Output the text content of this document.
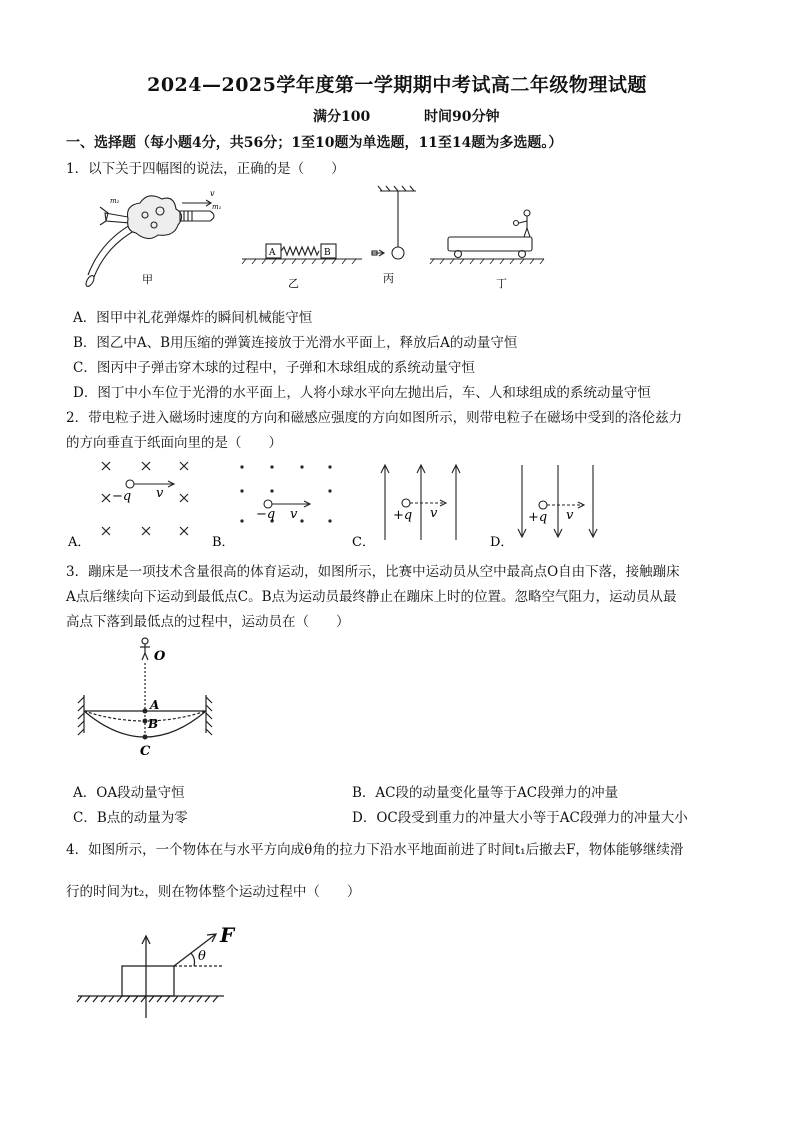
2024—2025学年度第一学期期中考试高二年级物理试题
满分100	时间90分钟
一、选择题（每小题4分，共56分；1至10题为单选题，11至14题为多选题。）
1．以下关于四幅图的说法，正确的是（　　）
m₂
v
m₁
甲
A	B
乙	丙	丁
A．图甲中礼花弹爆炸的瞬间机械能守恒
B．图乙中A、B用压缩的弹簧连接放于光滑水平面上，释放后A的动量守恒
C．图丙中子弹击穿木球的过程中，子弹和木球组成的系统动量守恒
D．图丁中小车位于光滑的水平面上，人将小球水平向左抛出后，车、人和球组成的系统动量守恒
2．带电粒子进入磁场时速度的方向和磁感应强度的方向如图所示，则带电粒子在磁场中受到的洛伦兹力
的方向垂直于纸面向里的是（　　）
−q v
A．
−q v
B．
+q v
C．
+q v
D．
3．蹦床是一项技术含量很高的体育运动，如图所示，比赛中运动员从空中最高点O自由下落，接触蹦床
A点后继续向下运动到最低点C。B点为运动员最终静止在蹦床上时的位置。忽略空气阻力，运动员从最
高点下落到最低点的过程中，运动员在（　　）
O
A
B
C
A．OA段动量守恒	B．AC段的动量变化量等于AC段弹力的冲量
C．B点的动量为零	D．OC段受到重力的冲量大小等于AC段弹力的冲量大小
4．如图所示，一个物体在与水平方向成θ角的拉力下沿水平地面前进了时间t₁后撤去F，物体能够继续滑
行的时间为t₂，则在物体整个运动过程中（　　）
F
θ
